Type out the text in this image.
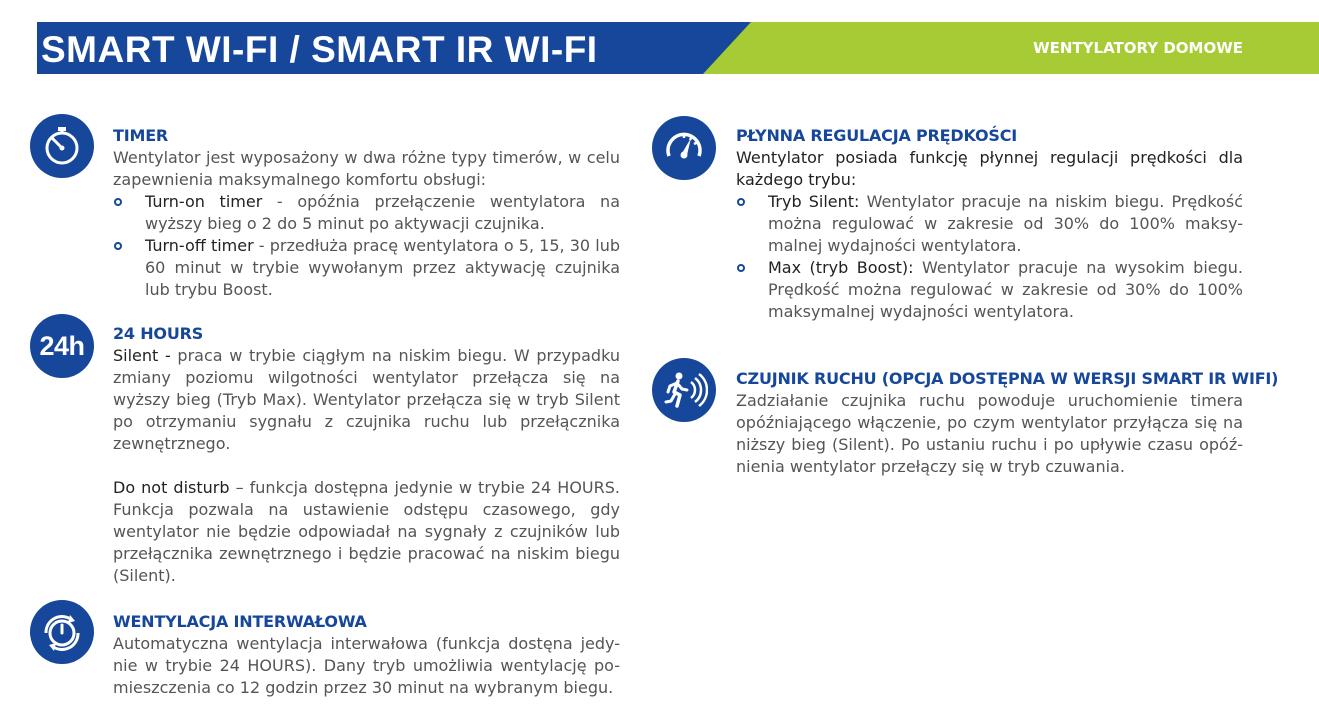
SMART WI-FI / SMART IR WI-FI	WENTYLATORY DOMOWE
TIMER

Wentylator jest wyposażony w dwa różne typy timerów, w celu zapewnienia maksymalnego komfortu obsługi:

Turn-on timer - opóźnia przełączenie wentylatora na wyższy bieg o 2 do 5 minut po aktywacji czujnika.
Turn-off timer - przedłuża pracę wentylatora o 5, 15, 30 lub 60 minut w trybie wywołanym przez aktywację czujnika lub trybu Boost.
24h 24 HOURS

Silent - praca w trybie ciągłym na niskim biegu. W przypadku zmiany poziomu wilgotności wentylator przełącza się na wyższy bieg (Tryb Max). Wentylator przełącza się w tryb Silent po otrzymaniu sygnału z czujnika ruchu lub przełącznika zewnętrznego.

Do not disturb – funkcja dostępna jedynie w trybie 24 HOURS. Funkcja pozwala na ustawienie odstępu czasowego, gdy wentylator nie będzie odpowiadał na sygnały z czujników lub przełącznika zewnętrznego i będzie pracować na niskim biegu (Silent).

WENTYLACJA INTERWAŁOWA

Automatyczna wentylacja interwałowa (funkcja dostęna jedy-nie w trybie 24 HOURS). Dany tryb umożliwia wentylację po-mieszczenia co 12 godzin przez 30 minut na wybranym biegu.

PŁYNNA REGULACJA PRĘDKOŚCI

Wentylator posiada funkcję płynnej regulacji prędkości dla każdego trybu:

Tryb Silent: Wentylator pracuje na niskim biegu. Prędkość można regulować w zakresie od 30% do 100% maksy-malnej wydajności wentylatora.
Max (tryb Boost): Wentylator pracuje na wysokim biegu. Prędkość można regulować w zakresie od 30% do 100% maksymalnej wydajności wentylatora.
CZUJNIK RUCHU (OPCJA DOSTĘPNA W WERSJI SMART IR WIFI)

Zadziałanie czujnika ruchu powoduje uruchomienie timera opóźniającego włączenie, po czym wentylator przyłącza się na niższy bieg (Silent). Po ustaniu ruchu i po upływie czasu opóź-nienia wentylator przełączy się w tryb czuwania.
